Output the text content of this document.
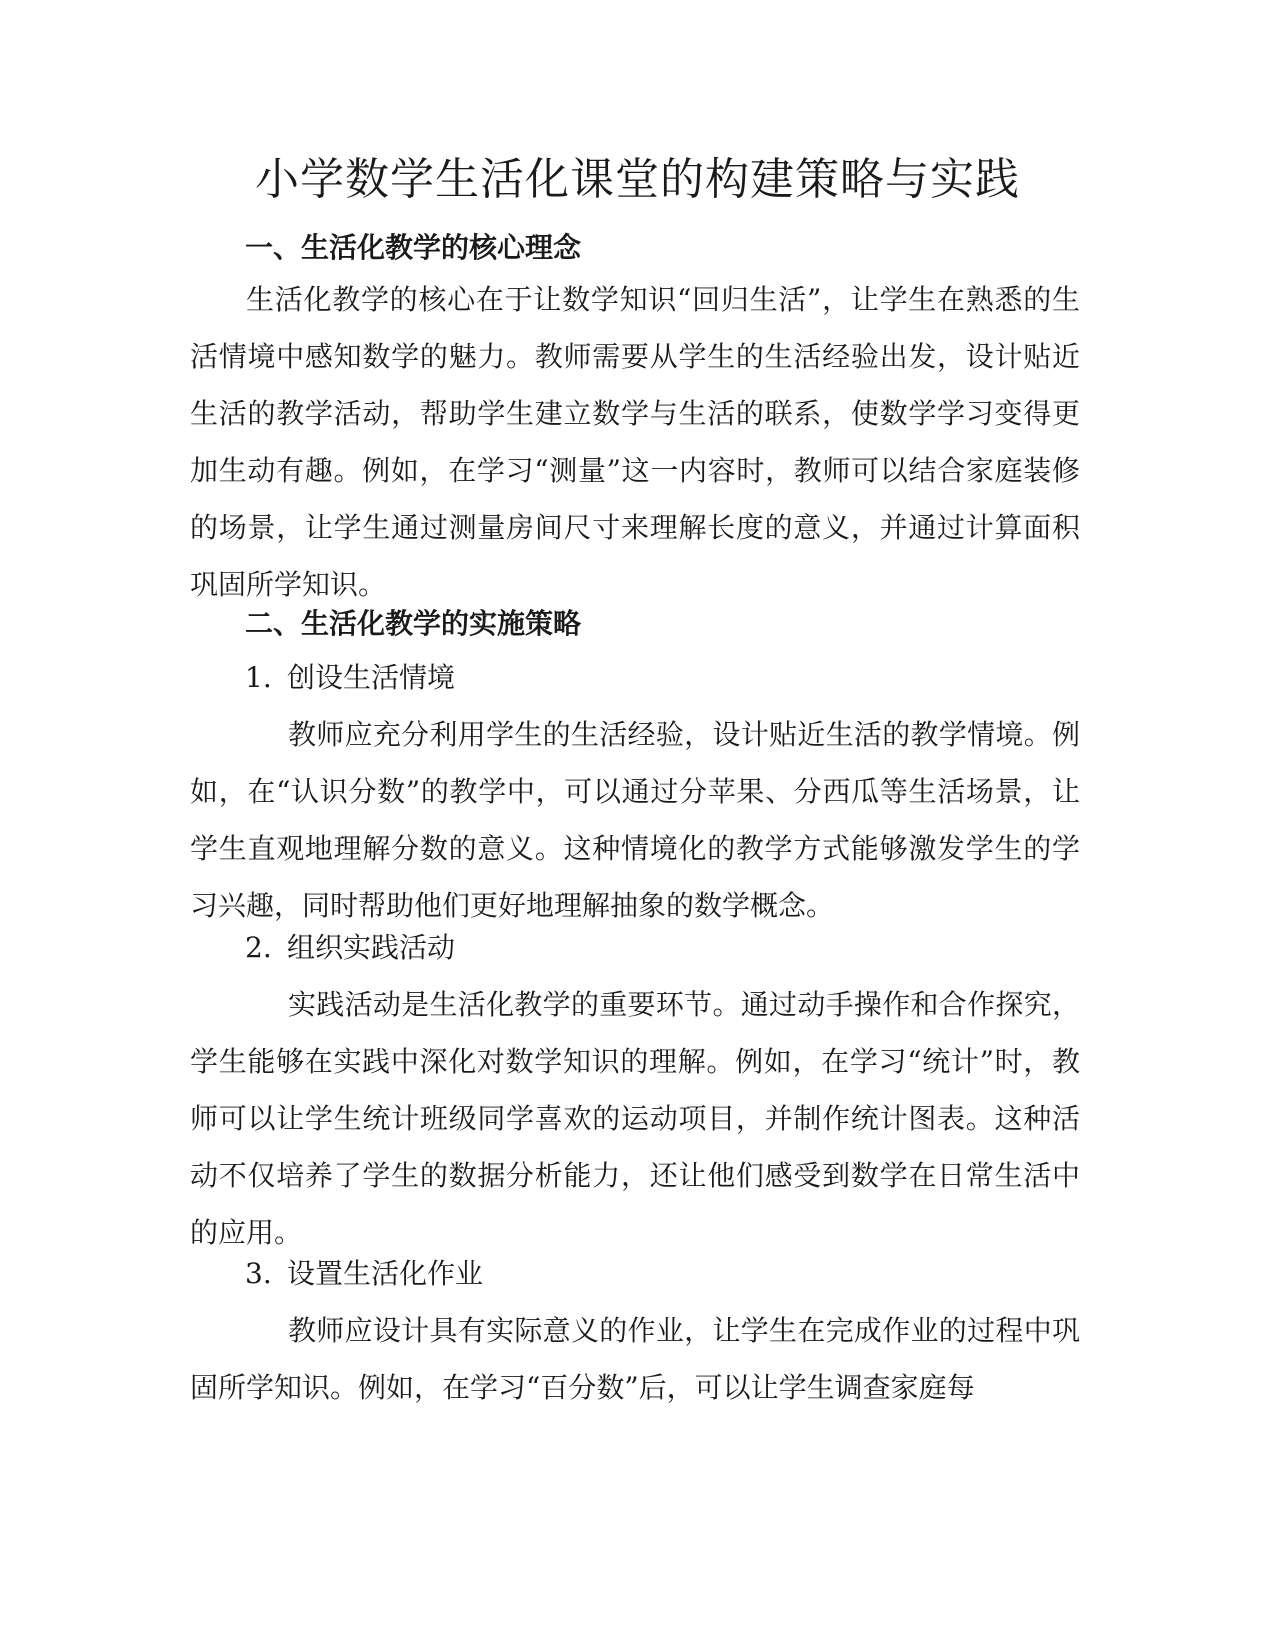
小学数学生活化课堂的构建策略与实践
一、生活化教学的核心理念

生活化教学的核心在于让数学知识“回归生活”，让学生在熟悉的生活情境中感知数学的魅力。教师需要从学生的生活经验出发，设计贴近生活的教学活动，帮助学生建立数学与生活的联系，使数学学习变得更加生动有趣。例如，在学习“测量”这一内容时，教师可以结合家庭装修的场景，让学生通过测量房间尺寸来理解长度的意义，并通过计算面积巩固所学知识。

二、生活化教学的实施策略
1. 创设生活情境

教师应充分利用学生的生活经验，设计贴近生活的教学情境。例如，在“认识分数”的教学中，可以通过分苹果、分西瓜等生活场景，让学生直观地理解分数的意义。这种情境化的教学方式能够激发学生的学习兴趣，同时帮助他们更好地理解抽象的数学概念。

2. 组织实践活动

实践活动是生活化教学的重要环节。通过动手操作和合作探究，学生能够在实践中深化对数学知识的理解。例如，在学习“统计”时，教师可以让学生统计班级同学喜欢的运动项目，并制作统计图表。这种活动不仅培养了学生的数据分析能力，还让他们感受到数学在日常生活中的应用。

3. 设置生活化作业

教师应设计具有实际意义的作业，让学生在完成作业的过程中巩固所学知识。例如，在学习“百分数”后，可以让学生调查家庭每
